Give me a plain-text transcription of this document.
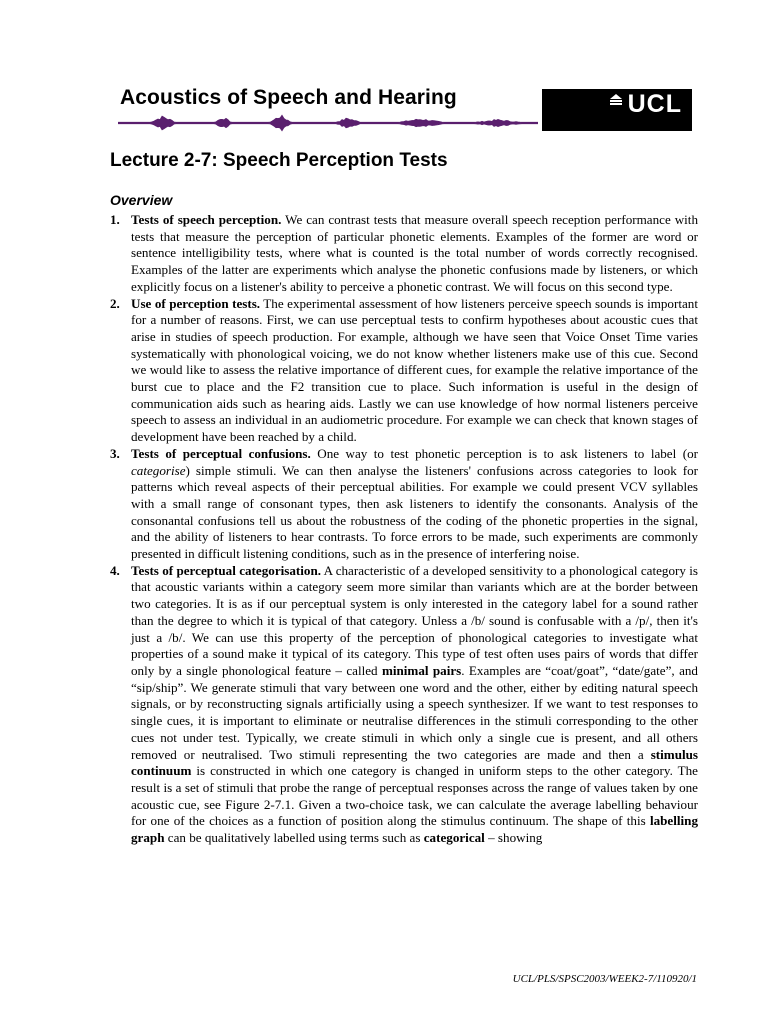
Acoustics of Speech and Hearing	UCL
Psychology & Language Sciences
Lecture 2-7: Speech Perception Tests
Overview
1. Tests of speech perception. We can contrast tests that measure overall speech reception performance with tests that measure the perception of particular phonetic elements. Examples of the former are word or sentence intelligibility tests, where what is counted is the total number of words correctly recognised. Examples of the latter are experiments which analyse the phonetic confusions made by listeners, or which explicitly focus on a listener's ability to perceive a phonetic contrast. We will focus on this second type.
2. Use of perception tests. The experimental assessment of how listeners perceive speech sounds is important for a number of reasons. First, we can use perceptual tests to confirm hypotheses about acoustic cues that arise in studies of speech production. For example, although we have seen that Voice Onset Time varies systematically with phonological voicing, we do not know whether listeners make use of this cue. Second we would like to assess the relative importance of different cues, for example the relative importance of the burst cue to place and the F2 transition cue to place. Such information is useful in the design of communication aids such as hearing aids. Lastly we can use knowledge of how normal listeners perceive speech to assess an individual in an audiometric procedure. For example we can check that known stages of development have been reached by a child.
3. Tests of perceptual confusions. One way to test phonetic perception is to ask listeners to label (or categorise) simple stimuli. We can then analyse the listeners' confusions across categories to look for patterns which reveal aspects of their perceptual abilities. For example we could present VCV syllables with a small range of consonant types, then ask listeners to identify the consonants. Analysis of the consonantal confusions tell us about the robustness of the coding of the phonetic properties in the signal, and the ability of listeners to hear contrasts. To force errors to be made, such experiments are commonly presented in difficult listening conditions, such as in the presence of interfering noise.
4. Tests of perceptual categorisation. A characteristic of a developed sensitivity to a phonological category is that acoustic variants within a category seem more similar than variants which are at the border between two categories. It is as if our perceptual system is only interested in the category label for a sound rather than the degree to which it is typical of that category. Unless a /b/ sound is confusable with a /p/, then it's just a /b/. We can use this property of the perception of phonological categories to investigate what properties of a sound make it typical of its category. This type of test often uses pairs of words that differ only by a single phonological feature – called minimal pairs. Examples are “coat/goat”, “date/gate”, and “sip/ship”. We generate stimuli that vary between one word and the other, either by editing natural speech signals, or by reconstructing signals artificially using a speech synthesizer. If we want to test responses to single cues, it is important to eliminate or neutralise differences in the stimuli corresponding to the other cues not under test. Typically, we create stimuli in which only a single cue is present, and all others removed or neutralised. Two stimuli representing the two categories are made and then a stimulus continuum is constructed in which one category is changed in uniform steps to the other category. The result is a set of stimuli that probe the range of perceptual responses across the range of values taken by one acoustic cue, see Figure 2-7.1. Given a two-choice task, we can calculate the average labelling behaviour for one of the choices as a function of position along the stimulus continuum. The shape of this labelling graph can be qualitatively labelled using terms such as categorical – showing
UCL/PLS/SPSC2003/WEEK2-7/110920/1
